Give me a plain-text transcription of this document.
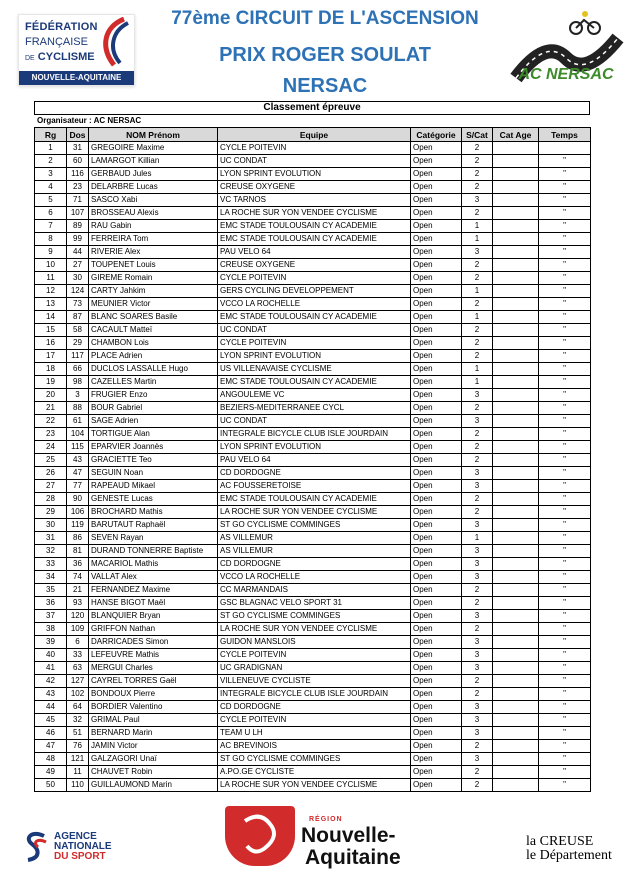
FÉDÉRATION
FRANÇAISE
DE CYCLISME
NOUVELLE-AQUITAINE
77ème CIRCUIT DE L'ASCENSION
PRIX ROGER SOULAT
NERSAC
AC NERSAC
Classement épreuve
Organisateur : AC NERSAC
Rg	Dos	NOM Prénom	Equipe	Catégorie	S/Cat	Cat Age	Temps
1	31	GREGOIRE Maxime	CYCLE POITEVIN	Open	2		
2	60	LAMARGOT Killian	UC CONDAT	Open	2		"
3	116	GERBAUD Jules	LYON SPRINT EVOLUTION	Open	2		"
4	23	DELARBRE Lucas	CREUSE OXYGENE	Open	2		"
5	71	SASCO Xabi	VC TARNOS	Open	3		"
6	107	BROSSEAU Alexis	LA ROCHE SUR YON VENDEE CYCLISME	Open	2		"
7	89	RAU Gabin	EMC STADE TOULOUSAIN CY ACADEMIE	Open	1		"
8	99	FERREIRA Tom	EMC STADE TOULOUSAIN CY ACADEMIE	Open	1		"
9	44	RIVERIE Alex	PAU VELO 64	Open	3		"
10	27	TOUPENET Louis	CREUSE OXYGENE	Open	2		"
11	30	GIREME Romain	CYCLE POITEVIN	Open	2		"
12	124	CARTY Jahkim	GERS CYCLING DEVELOPPEMENT	Open	1		"
13	73	MEUNIER Victor	VCCO LA ROCHELLE	Open	2		"
14	87	BLANC SOARES Basile	EMC STADE TOULOUSAIN CY ACADEMIE	Open	1		"
15	58	CACAULT Matteï	UC CONDAT	Open	2		"
16	29	CHAMBON Lois	CYCLE POITEVIN	Open	2		"
17	117	PLACE Adrien	LYON SPRINT EVOLUTION	Open	2		"
18	66	DUCLOS LASSALLE Hugo	US VILLENAVAISE CYCLISME	Open	1		"
19	98	CAZELLES Martin	EMC STADE TOULOUSAIN CY ACADEMIE	Open	1		"
20	3	FRUGIER Enzo	ANGOULEME VC	Open	3		"
21	88	BOUR Gabriel	BEZIERS-MEDITERRANEE CYCL	Open	2		"
22	61	SAGE Adrien	UC CONDAT	Open	3		"
23	104	TORTIGUE Alan	INTEGRALE BICYCLE CLUB ISLE JOURDAIN	Open	2		"
24	115	EPARVIER Joannès	LYON SPRINT EVOLUTION	Open	2		"
25	43	GRACIETTE Teo	PAU VELO 64	Open	2		"
26	47	SEGUIN Noan	CD DORDOGNE	Open	3		"
27	77	RAPEAUD Mikael	AC FOUSSERETOISE	Open	3		"
28	90	GENESTE Lucas	EMC STADE TOULOUSAIN CY ACADEMIE	Open	2		"
29	106	BROCHARD Mathis	LA ROCHE SUR YON VENDEE CYCLISME	Open	2		"
30	119	BARUTAUT Raphaël	ST GO CYCLISME COMMINGES	Open	3		"
31	86	SEVEN Rayan	AS VILLEMUR	Open	1		"
32	81	DURAND TONNERRE Baptiste	AS VILLEMUR	Open	3		"
33	36	MACARIOL Mathis	CD DORDOGNE	Open	3		"
34	74	VALLAT Alex	VCCO LA ROCHELLE	Open	3		"
35	21	FERNANDEZ Maxime	CC MARMANDAIS	Open	2		"
36	93	HANSE BIGOT Maël	GSC BLAGNAC VELO SPORT 31	Open	2		"
37	120	BLANQUIER Bryan	ST GO CYCLISME COMMINGES	Open	3		"
38	109	GRIFFON Nathan	LA ROCHE SUR YON VENDEE CYCLISME	Open	2		"
39	6	DARRICADES Simon	GUIDON MANSLOIS	Open	3		"
40	33	LEFEUVRE Mathis	CYCLE POITEVIN	Open	3		"
41	63	MERGUI Charles	UC GRADIGNAN	Open	3		"
42	127	CAYREL TORRES Gaël	VILLENEUVE CYCLISTE	Open	2		"
43	102	BONDOUX Pierre	INTEGRALE BICYCLE CLUB ISLE JOURDAIN	Open	2		"
44	64	BORDIER Valentino	CD DORDOGNE	Open	3		"
45	32	GRIMAL Paul	CYCLE POITEVIN	Open	3		"
46	51	BERNARD Marin	TEAM U LH	Open	3		"
47	76	JAMIN Victor	AC BREVINOIS	Open	2		"
48	121	GALZAGORI Unaï	ST GO CYCLISME COMMINGES	Open	3		"
49	11	CHAUVET Robin	A.PO.GE CYCLISTE	Open	2		"
50	110	GUILLAUMOND Marin	LA ROCHE SUR YON VENDEE CYCLISME	Open	2		"
AGENCE
NATIONALE
DU SPORT
RÉGION
Nouvelle-
Aquitaine
la CREUSE
le Département
